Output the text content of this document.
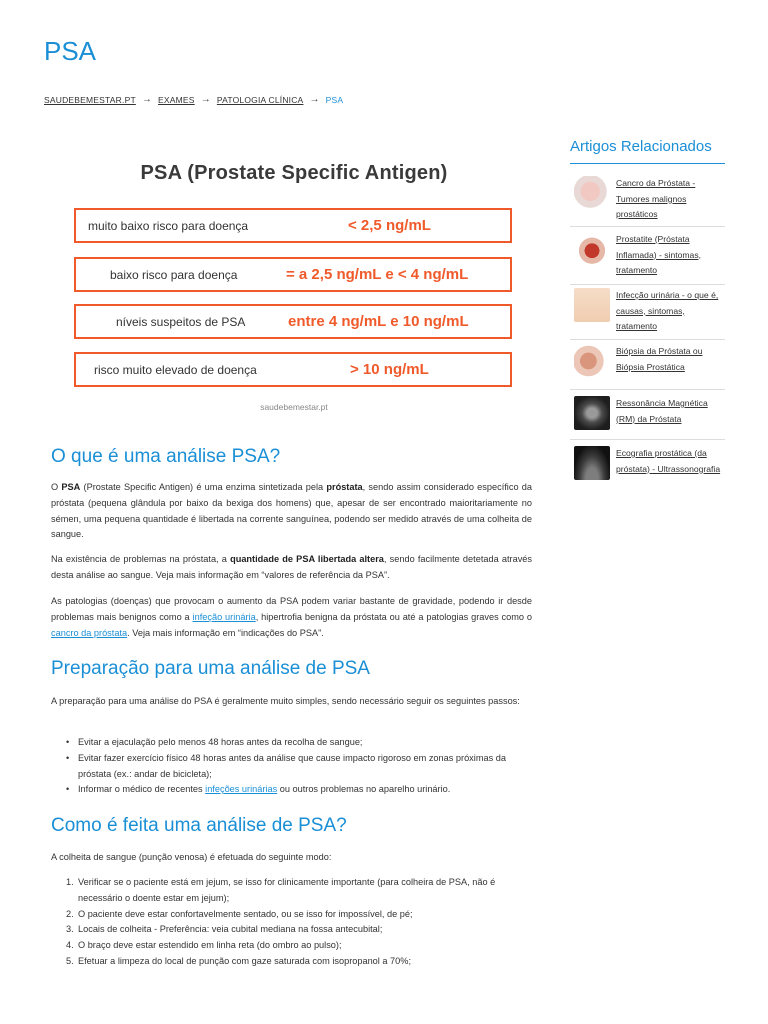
PSA
SAUDEBEMESTAR.PT → EXAMES → PATOLOGIA CLÍNICA → PSA
PSA (Prostate Specific Antigen)
muito baixo risco para doença	< 2,5 ng/mL
baixo risco para doença	= a 2,5 ng/mL e < 4 ng/mL
níveis suspeitos de PSA	entre 4 ng/mL e 10 ng/mL
risco muito elevado de doença	> 10 ng/mL
saudebemestar.pt
O que é uma análise PSA?

O PSA (Prostate Specific Antigen) é uma enzima sintetizada pela próstata, sendo assim considerado específico da próstata (pequena glândula por baixo da bexiga dos homens) que, apesar de ser encontrado maioritariamente no sémen, uma pequena quantidade é libertada na corrente sanguínea, podendo ser medido através de uma colheita de sangue.

Na existência de problemas na próstata, a quantidade de PSA libertada altera, sendo facilmente detetada através desta análise ao sangue. Veja mais informação em “valores de referência da PSA”.

As patologias (doenças) que provocam o aumento da PSA podem variar bastante de gravidade, podendo ir desde problemas mais benignos como a infeção urinária, hipertrofia benigna da próstata ou até a patologias graves como o cancro da próstata. Veja mais informação em “indicações do PSA”.

Preparação para uma análise de PSA

A preparação para uma análise do PSA é geralmente muito simples, sendo necessário seguir os seguintes passos:

• Evitar a ejaculação pelo menos 48 horas antes da recolha de sangue;
• Evitar fazer exercício físico 48 horas antes da análise que cause impacto rigoroso em zonas próximas da próstata (ex.: andar de bicicleta);
• Informar o médico de recentes infeções urinárias ou outros problemas no aparelho urinário.
Como é feita uma análise de PSA?

A colheita de sangue (punção venosa) é efetuada do seguinte modo:

1. Verificar se o paciente está em jejum, se isso for clinicamente importante (para colheira de PSA, não é necessário o doente estar em jejum);
2. O paciente deve estar confortavelmente sentado, ou se isso for impossível, de pé;
3. Locais de colheita - Preferência: veia cubital mediana na fossa antecubital;
4. O braço deve estar estendido em linha reta (do ombro ao pulso);
5. Efetuar a limpeza do local de punção com gaze saturada com isopropanol a 70%;
Artigos Relacionados
Cancro da Próstata - Tumores malignos prostáticos
Prostatite (Próstata Inflamada) - sintomas, tratamento
Infecção urinária - o que é, causas, sintomas, tratamento
Biópsia da Próstata ou Biópsia Prostática
Ressonância Magnética (RM) da Próstata
Ecografia prostática (da próstata) - Ultrassonografia
